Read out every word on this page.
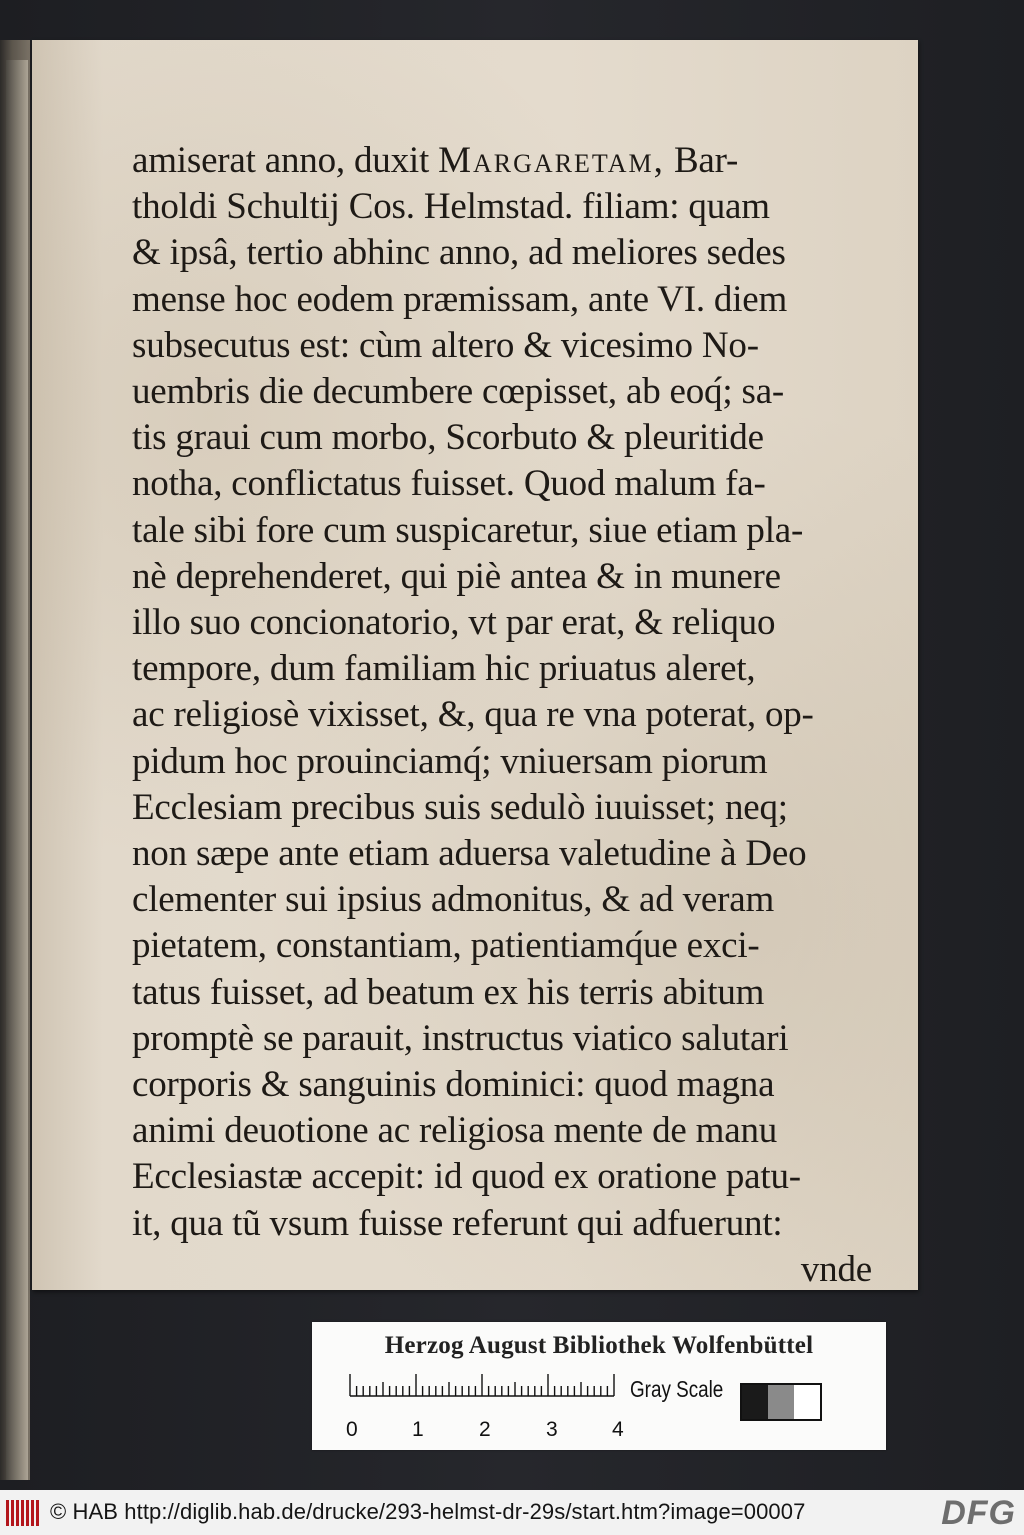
amiserat anno, duxit Margaretam, Bar-
tholdi Schultij Cos. Helmstad. filiam: quam
& ipsâ, tertio abhinc anno, ad meliores sedes
mense hoc eodem præmissam, ante VI. diem
subsecutus est: cùm altero & vicesimo No-
uembris die decumbere cœpisset, ab eoq́; sa-
tis graui cum morbo, Scorbuto & pleuritide
notha, conflictatus fuisset. Quod malum fa-
tale sibi fore cum suspicaretur, siue etiam pla-
nè deprehenderet, qui piè antea & in munere
illo suo concionatorio, vt par erat, & reliquo
tempore, dum familiam hic priuatus aleret,
ac religiosè vixisset, &, qua re vna poterat, op-
pidum hoc prouinciamq́; vniuersam piorum
Ecclesiam precibus suis sedulò iuuisset; neq;
non sæpe ante etiam aduersa valetudine à Deo
clementer sui ipsius admonitus, & ad veram
pietatem, constantiam, patientiamq́ue exci-
tatus fuisset, ad beatum ex his terris abitum
promptè se parauit, instructus viatico salutari
corporis & sanguinis dominici: quod magna
animi deuotione ac religiosa mente de manu
Ecclesiastæ accepit: id quod ex oratione patu-
it, qua tũ vsum fuisse referunt qui adfuerunt:
vnde
Herzog August Bibliothek Wolfenbüttel
0	1	2	3	4
Gray Scale
© HAB http://diglib.hab.de/drucke/293-helmst-dr-29s/start.htm?image=00007	DFG
